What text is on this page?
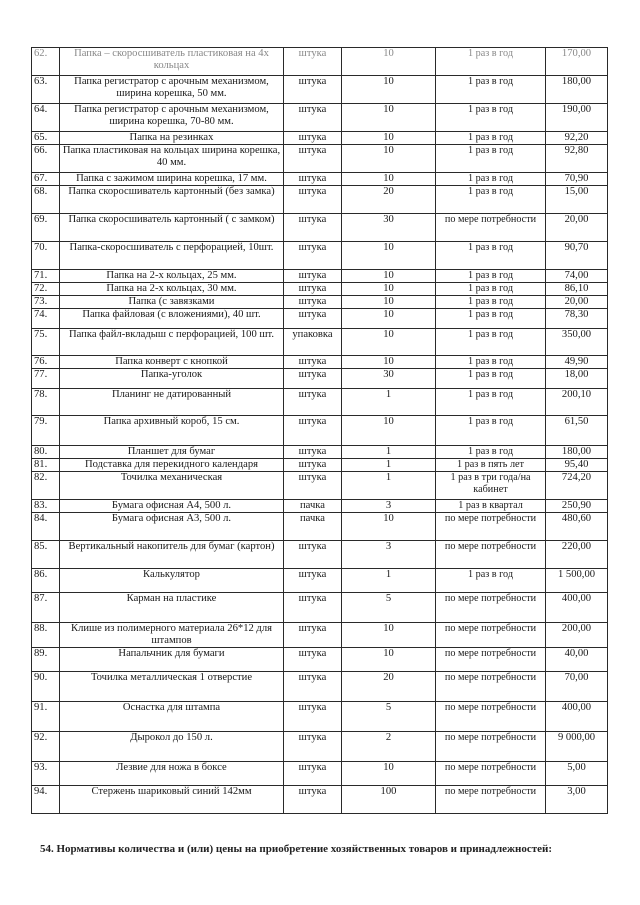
62.	Папка – скоросшиватель пластиковая на 4х кольцах	штука	10	1 раз в год	170,00
63.	Папка регистратор с арочным механизмом, ширина корешка, 50 мм.	штука	10	1 раз в год	180,00
64.	Папка регистратор с арочным механизмом, ширина корешка, 70-80 мм.	штука	10	1 раз в год	190,00
65.	Папка на резинках	штука	10	1 раз в год	92,20
66.	Папка пластиковая на кольцах ширина корешка, 40 мм.	штука	10	1 раз в год	92,80
67.	Папка с зажимом ширина корешка, 17 мм.	штука	10	1 раз в год	70,90
68.	Папка скоросшиватель картонный (без замка)	штука	20	1 раз в год	15,00
69.	Папка скоросшиватель картонный ( с замком)	штука	30	по мере потребности	20,00
70.	Папка-скоросшиватель с перфорацией, 10шт.	штука	10	1 раз в год	90,70
71.	Папка на 2-х кольцах, 25 мм.	штука	10	1 раз в год	74,00
72.	Папка на 2-х кольцах, 30 мм.	штука	10	1 раз в год	86,10
73.	Папка (с завязками	штука	10	1 раз в год	20,00
74.	Папка файловая (с вложениями), 40 шт.	штука	10	1 раз в год	78,30
75.	Папка файл-вкладыш с перфорацией, 100 шт.	упаковка	10	1 раз в год	350,00
76.	Папка конверт с кнопкой	штука	10	1 раз в год	49,90
77.	Папка-уголок	штука	30	1 раз в год	18,00
78.	Планинг не датированный	штука	1	1 раз в год	200,10
79.	Папка архивный короб, 15 см.	штука	10	1 раз в год	61,50
80.	Планшет для бумаг	штука	1	1 раз в год	180,00
81.	Подставка для перекидного календаря	штука	1	1 раз в пять лет	95,40
82.	Точилка механическая	штука	1	1 раз в три года/на кабинет	724,20
83.	Бумага офисная А4, 500 л.	пачка	3	1 раз в квартал	250,90
84.	Бумага офисная А3, 500 л.	пачка	10	по мере потребности	480,60
85.	Вертикальный накопитель для бумаг (картон)	штука	3	по мере потребности	220,00
86.	Калькулятор	штука	1	1 раз в год	1 500,00
87.	Карман на пластике	штука	5	по мере потребности	400,00
88.	Клише из полимерного материала 26*12 для штампов	штука	10	по мере потребности	200,00
89.	Напальчник для бумаги	штука	10	по мере потребности	40,00
90.	Точилка металлическая 1 отверстие	штука	20	по мере потребности	70,00
91.	Оснастка для штампа	штука	5	по мере потребности	400,00
92.	Дырокол до 150 л.	штука	2	по мере потребности	9 000,00
93.	Лезвие для ножа в боксе	штука	10	по мере потребности	5,00
94.	Стержень шариковый синий 142мм	штука	100	по мере потребности	3,00
54. Нормативы количества и (или) цены на приобретение хозяйственных товаров и принадлежностей:
